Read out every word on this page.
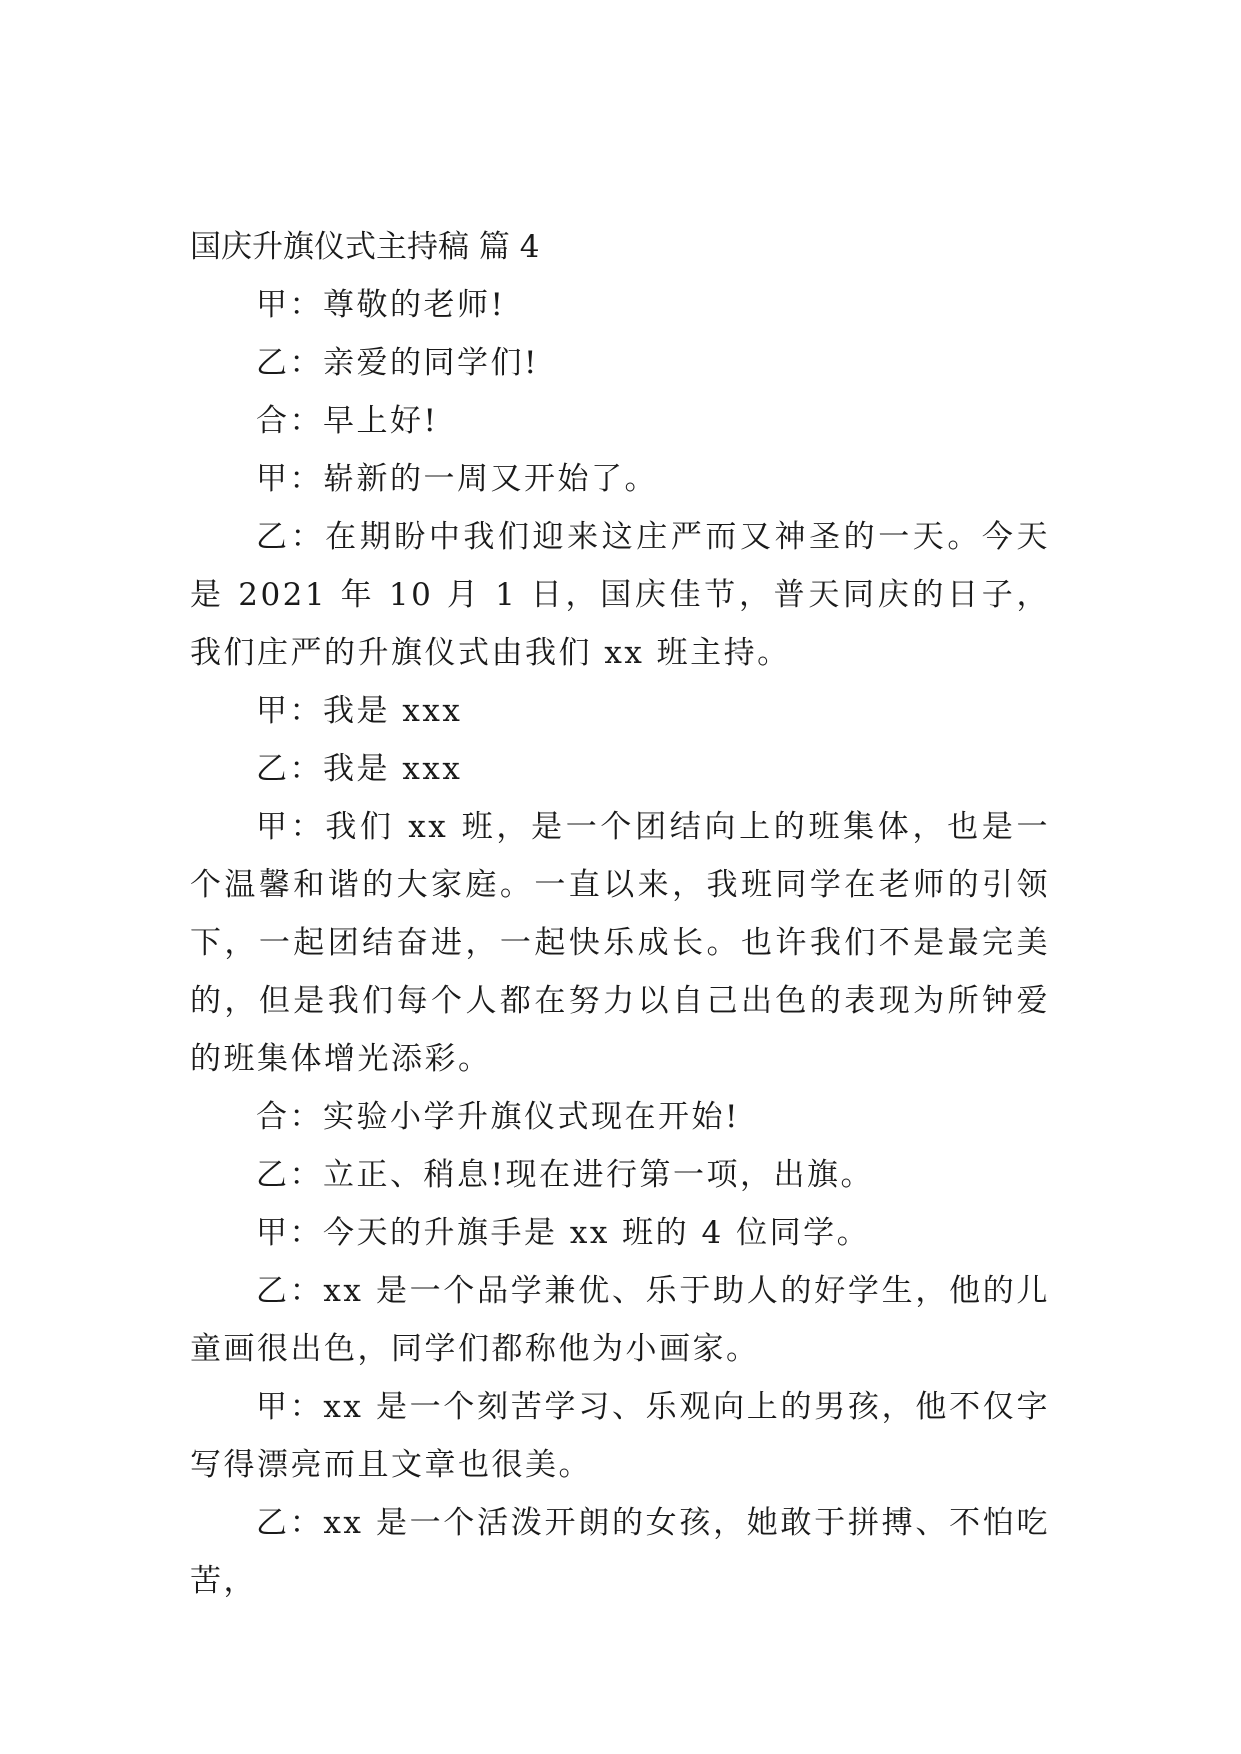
国庆升旗仪式主持稿 篇 4

甲：尊敬的老师!

乙：亲爱的同学们!

合：早上好!

甲：崭新的一周又开始了。

乙：在期盼中我们迎来这庄严而又神圣的一天。今天是 2021 年 10 月 1 日，国庆佳节，普天同庆的日子，我们庄严的升旗仪式由我们 xx 班主持。

甲：我是 xxx

乙：我是 xxx

甲：我们 xx 班，是一个团结向上的班集体，也是一个温馨和谐的大家庭。一直以来，我班同学在老师的引领下，一起团结奋进，一起快乐成长。也许我们不是最完美的，但是我们每个人都在努力以自己出色的表现为所钟爱的班集体增光添彩。

合：实验小学升旗仪式现在开始!

乙：立正、稍息!现在进行第一项，出旗。

甲：今天的升旗手是 xx 班的 4 位同学。

乙：xx 是一个品学兼优、乐于助人的好学生，他的儿童画很出色，同学们都称他为小画家。

甲：xx 是一个刻苦学习、乐观向上的男孩，他不仅字写得漂亮而且文章也很美。

乙：xx 是一个活泼开朗的女孩，她敢于拼搏、不怕吃苦，
